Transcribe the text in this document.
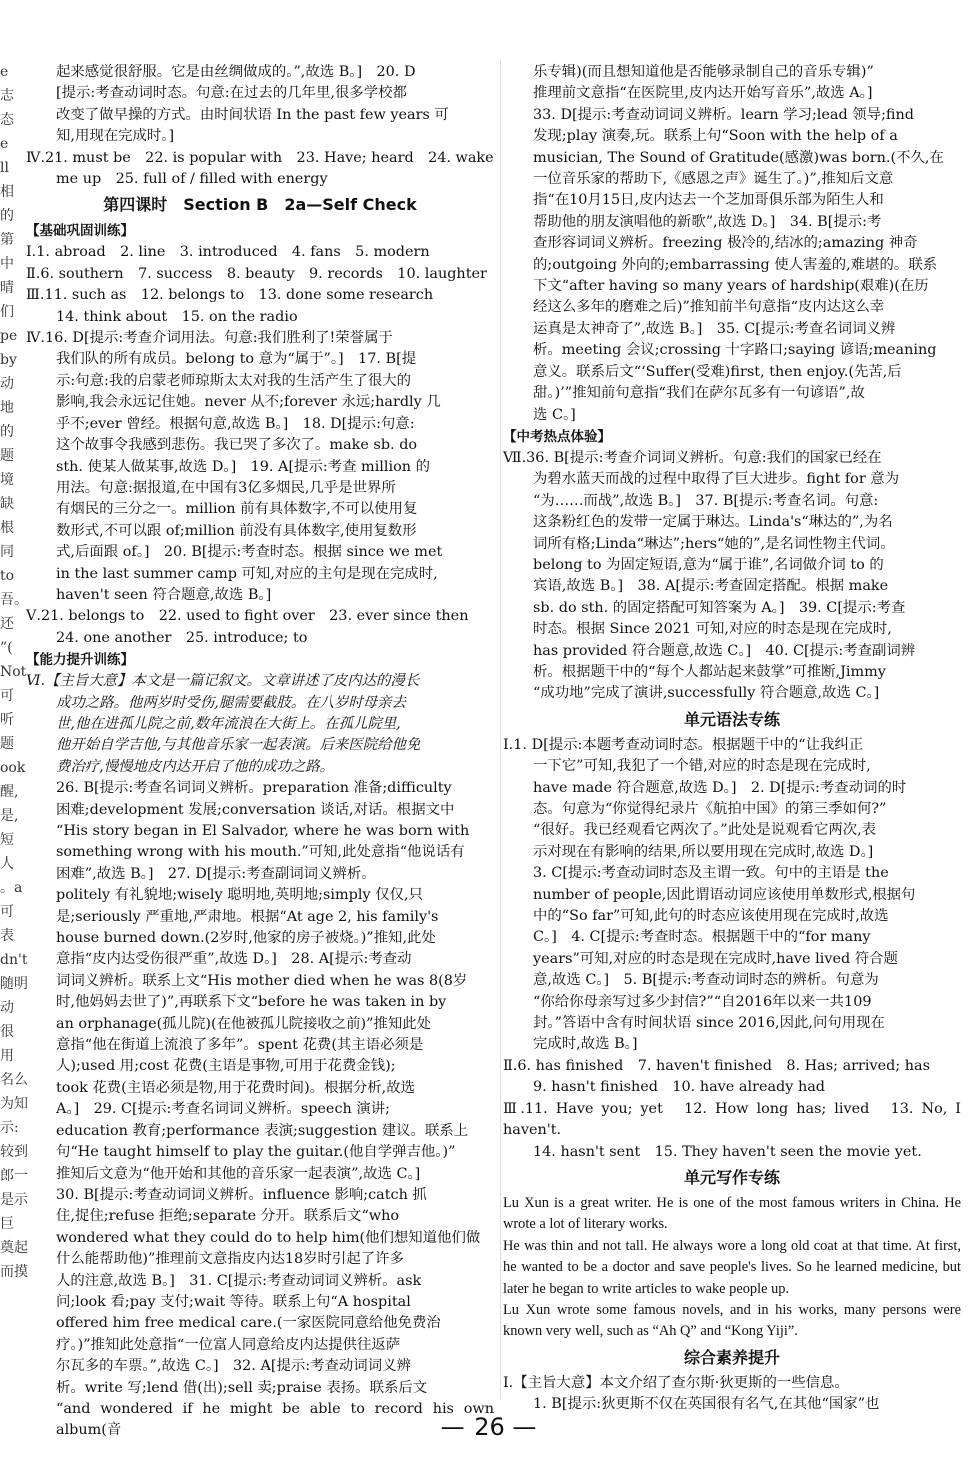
e
志
态
e
ll
相
的
第
中
晴
们
pe
by
动
地
的
题
境
缺
根
同
to
吾。
还
”(
Not
可
听
题
ook
醒,
是,
短
人
。a
可
表
dn't
随明
动
很
用
名么
为知
示:
较到
郎一
是示
巨
奠起
而摸
起来感觉很舒服。它是由丝绸做成的。”,故选 B。]　20. D
[提示:考查动词时态。句意:在过去的几年里,很多学校都
改变了做早操的方式。由时间状语 In the past few years 可
知,用现在完成时。]
Ⅳ.21. must be　22. is popular with　23. Have; heard　24. wake
me up　25. full of / filled with energy
第四课时　Section B　2a—Self Check
【基础巩固训练】
Ⅰ.1. abroad　2. line　3. introduced　4. fans　5. modern
Ⅱ.6. southern　7. success　8. beauty　9. records　10. laughter
Ⅲ.11. such as　12. belongs to　13. done some research
14. think about　15. on the radio
Ⅳ.16. D[提示:考查介词用法。句意:我们胜利了!荣誉属于
我们队的所有成员。belong to 意为“属于”。]　17. B[提
示:句意:我的启蒙老师琼斯太太对我的生活产生了很大的
影响,我会永远记住她。never 从不;forever 永远;hardly 几
乎不;ever 曾经。根据句意,故选 B。]　18. D[提示:句意:
这个故事令我感到悲伤。我已哭了多次了。make sb. do
sth. 使某人做某事,故选 D。]　19. A[提示:考查 million 的
用法。句意:据报道,在中国有3亿多烟民,几乎是世界所
有烟民的三分之一。million 前有具体数字,不可以使用复
数形式,不可以跟 of;million 前没有具体数字,使用复数形
式,后面跟 of。]　20. B[提示:考查时态。根据 since we met
in the last summer camp 可知,对应的主句是现在完成时,
haven't seen 符合题意,故选 B。]
Ⅴ.21. belongs to　22. used to fight over　23. ever since then
24. one another　25. introduce; to
【能力提升训练】
Ⅵ.【主旨大意】本文是一篇记叙文。文章讲述了皮内达的漫长
成功之路。他两岁时受伤,腿需要截肢。在八岁时母亲去
世,他在进孤儿院之前,数年流浪在大街上。在孤儿院里,
他开始自学吉他,与其他音乐家一起表演。后来医院给他免
费治疗,慢慢地皮内达开启了他的成功之路。
26. B[提示:考查名词词义辨析。preparation 准备;difficulty
困难;development 发展;conversation 谈话,对话。根据文中
“His story began in El Salvador, where he was born with
something wrong with his mouth.”可知,此处意指“他说话有
困难”,故选 B。]　27. D[提示:考查副词词义辨析。
politely 有礼貌地;wisely 聪明地,英明地;simply 仅仅,只
是;seriously 严重地,严肃地。根据“At age 2, his family's
house burned down.(2岁时,他家的房子被烧。)”推知,此处
意指“皮内达受伤很严重”,故选 D。]　28. A[提示:考查动
词词义辨析。联系上文“His mother died when he was 8(8岁
时,他妈妈去世了)”,再联系下文“before he was taken in by
an orphanage(孤儿院)(在他被孤儿院接收之前)”推知此处
意指“他在街道上流浪了多年”。spent 花费(其主语必须是
人);used 用;cost 花费(主语是事物,可用于花费金钱);
took 花费(主语必须是物,用于花费时间)。根据分析,故选
A。]　29. C[提示:考查名词词义辨析。speech 演讲;
education 教育;performance 表演;suggestion 建议。联系上
句“He taught himself to play the guitar.(他自学弹吉他。)”
推知后文意为“他开始和其他的音乐家一起表演”,故选 C。]
30. B[提示:考查动词词义辨析。influence 影响;catch 抓
住,捉住;refuse 拒绝;separate 分开。联系后文“who
wondered what they could do to help him(他们想知道他们做
什么能帮助他)”推理前文意指皮内达18岁时引起了许多
人的注意,故选 B。]　31. C[提示:考查动词词义辨析。ask
问;look 看;pay 支付;wait 等待。联系上句“A hospital
offered him free medical care.(一家医院同意给他免费治
疗。)”推知此处意指“一位富人同意给皮内达提供往返萨
尔瓦多的车票。”,故选 C。]　32. A[提示:考查动词词义辨
析。write 写;lend 借(出);sell 卖;praise 表扬。联系后文
“and wondered if he might be able to record his own album(音
乐专辑)(而且想知道他是否能够录制自己的音乐专辑)”
推理前文意指“在医院里,皮内达开始写音乐”,故选 A。]
33. D[提示:考查动词词义辨析。learn 学习;lead 领导;find
发现;play 演奏,玩。联系上句“Soon with the help of a
musician, The Sound of Gratitude(感激)was born.(不久,在
一位音乐家的帮助下,《感恩之声》诞生了。)”,推知后文意
指“在10月15日,皮内达去一个芝加哥俱乐部为陌生人和
帮助他的朋友演唱他的新歌”,故选 D。]　34. B[提示:考
查形容词词义辨析。freezing 极冷的,结冰的;amazing 神奇
的;outgoing 外向的;embarrassing 使人害羞的,难堪的。联系
下文“after having so many years of hardship(艰难)(在历
经这么多年的磨难之后)”推知前半句意指“皮内达这么幸
运真是太神奇了”,故选 B。]　35. C[提示:考查名词词义辨
析。meeting 会议;crossing 十字路口;saying 谚语;meaning
意义。联系后文“‘Suffer(受难)first, then enjoy.(先苦,后
甜。)’”推知前句意指“我们在萨尔瓦多有一句谚语”,故
选 C。]
【中考热点体验】
Ⅶ.36. B[提示:考查介词词义辨析。句意:我们的国家已经在
为碧水蓝天而战的过程中取得了巨大进步。fight for 意为
“为……而战”,故选 B。]　37. B[提示:考查名词。句意:
这条粉红色的发带一定属于琳达。Linda's“琳达的”,为名
词所有格;Linda“琳达”;hers“她的”,是名词性物主代词。
belong to 为固定短语,意为“属于谁”,名词做介词 to 的
宾语,故选 B。]　38. A[提示:考查固定搭配。根据 make
sb. do sth. 的固定搭配可知答案为 A。]　39. C[提示:考查
时态。根据 Since 2021 可知,对应的时态是现在完成时,
has provided 符合题意,故选 C。]　40. C[提示:考查副词辨
析。根据题干中的“每个人都站起来鼓掌”可推断,Jimmy
“成功地”完成了演讲,successfully 符合题意,故选 C。]
单元语法专练
Ⅰ.1. D[提示:本题考查动词时态。根据题干中的“让我纠正
一下它”可知,我犯了一个错,对应的时态是现在完成时,
have made 符合题意,故选 D。]　2. D[提示:考查动词的时
态。句意为“你觉得纪录片《航拍中国》的第三季如何?”
“很好。我已经观看它两次了。”此处是说观看它两次,表
示对现在有影响的结果,所以要用现在完成时,故选 D。]
3. C[提示:考查动词时态及主谓一致。句中的主语是 the
number of people,因此谓语动词应该使用单数形式,根据句
中的“So far”可知,此句的时态应该使用现在完成时,故选
C。]　4. C[提示:考查时态。根据题干中的“for many
years”可知,对应的时态是现在完成时,have lived 符合题
意,故选 C。]　5. B[提示:考查动词时态的辨析。句意为
“你给你母亲写过多少封信?”“自2016年以来一共109
封。”答语中含有时间状语 since 2016,因此,问句用现在
完成时,故选 B。]
Ⅱ.6. has finished　7. haven't finished　8. Has; arrived; has
9. hasn't finished　10. have already had
Ⅲ.11. Have you; yet　12. How long has; lived　13. No, I haven't.
14. hasn't sent　15. They haven't seen the movie yet.
单元写作专练
Lu Xun is a great writer. He is one of the most famous writers in China. He wrote a lot of literary works.
He was thin and not tall. He always wore a long old coat at that time. At first, he wanted to be a doctor and save people's lives. So he learned medicine, but later he began to write articles to wake people up.
Lu Xun wrote some famous novels, and in his works, many persons were known very well, such as “Ah Q” and “Kong Yiji”.
综合素养提升
Ⅰ.【主旨大意】本文介绍了查尔斯·狄更斯的一些信息。
1. B[提示:狄更斯不仅在英国很有名气,在其他“国家”也
— 26 —
